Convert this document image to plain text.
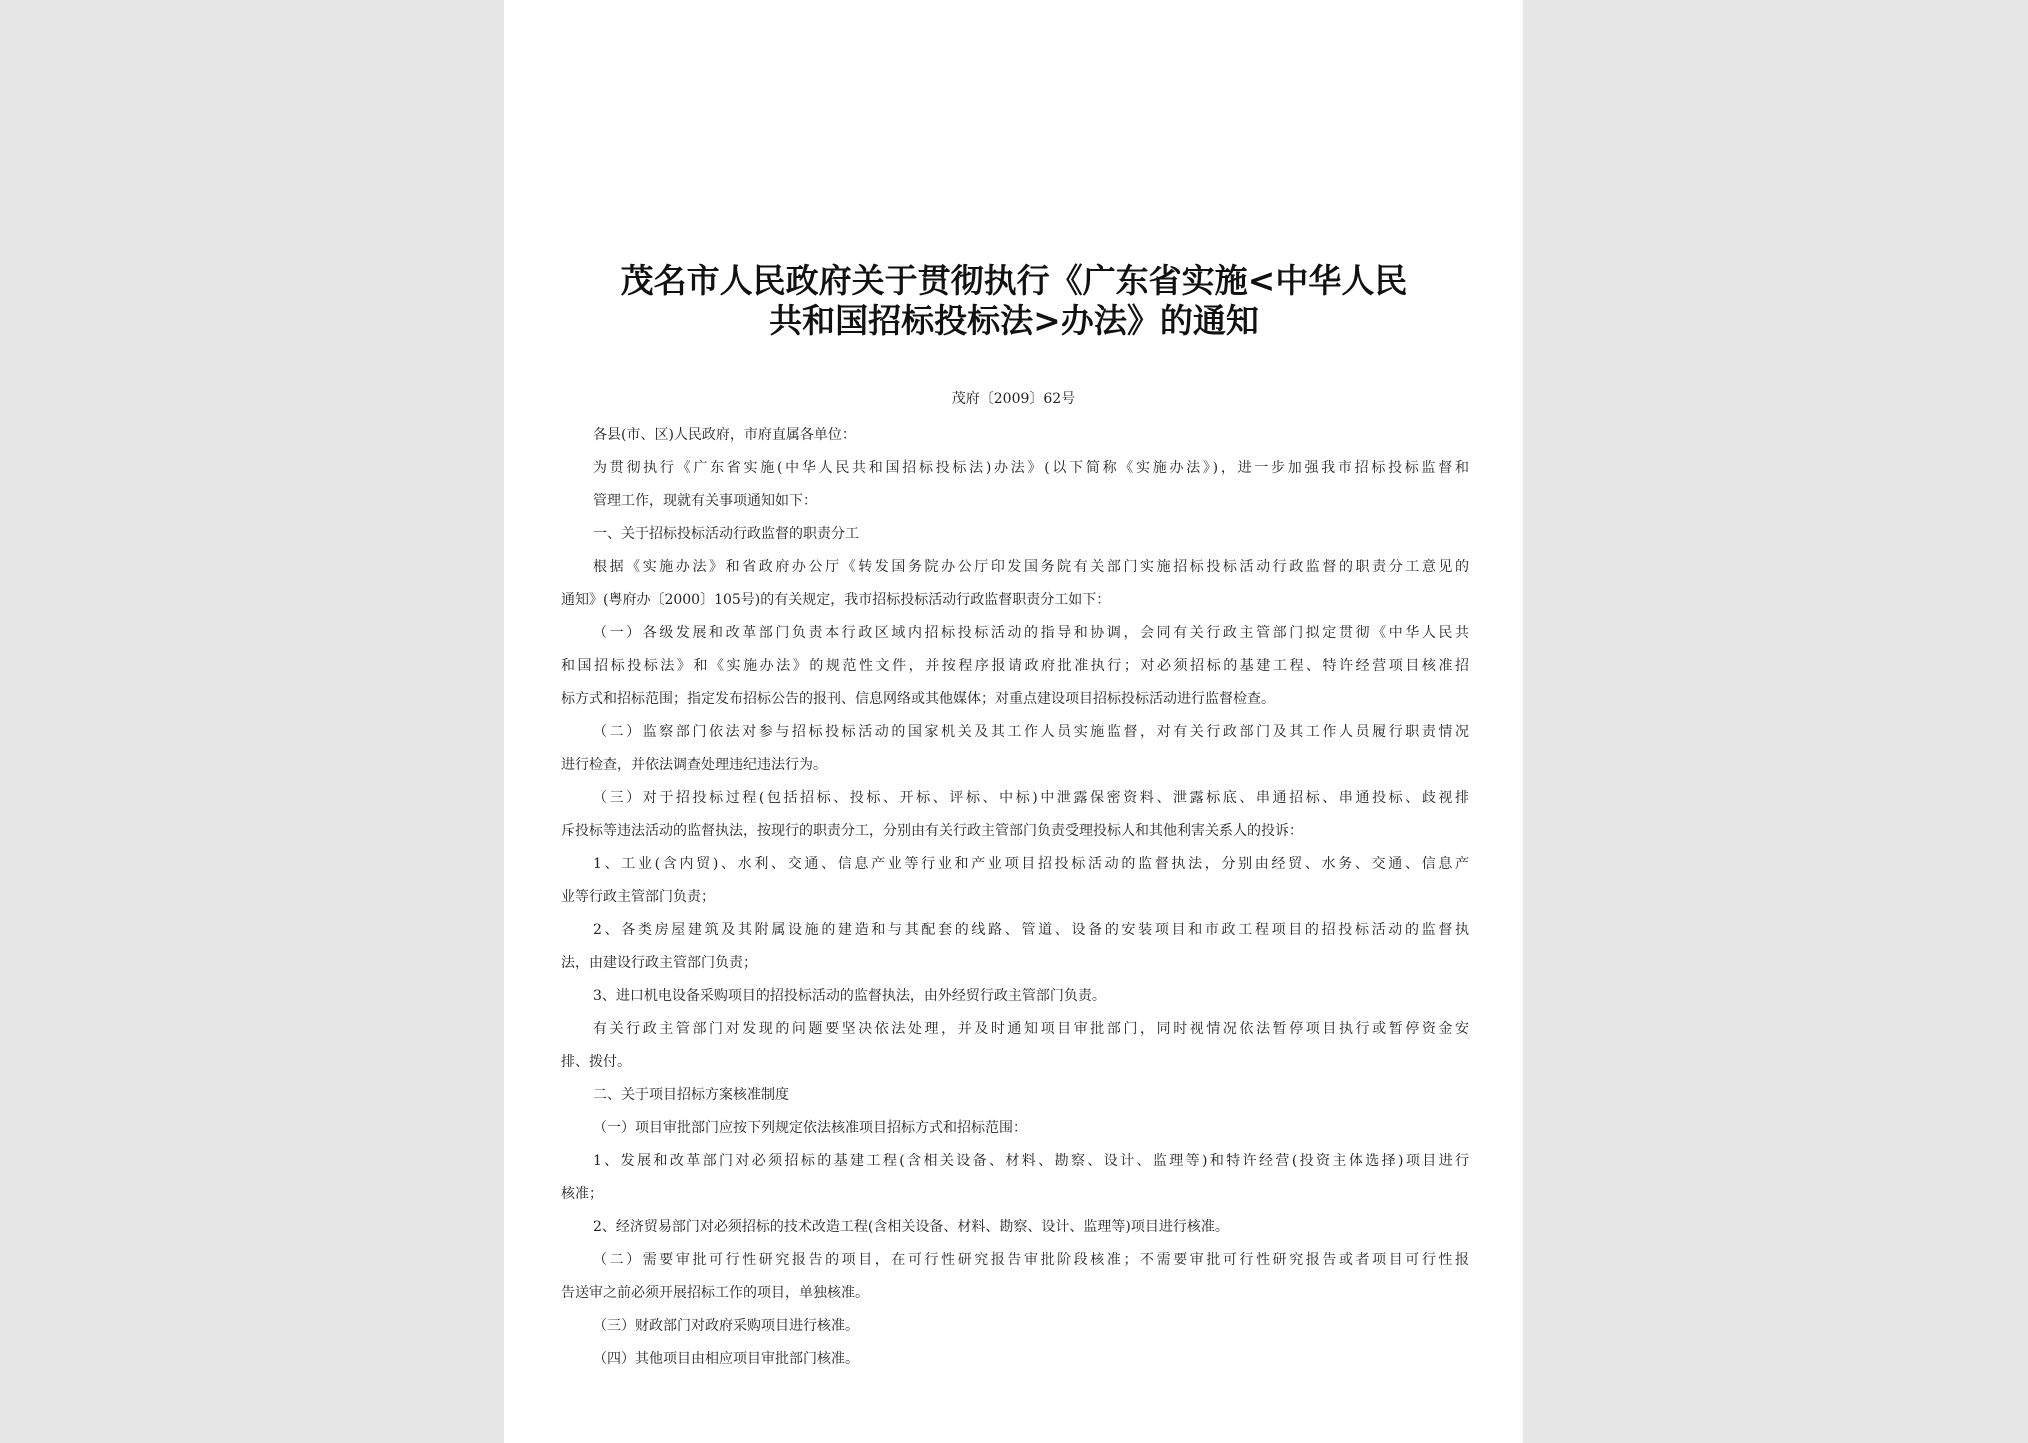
茂名市人民政府关于贯彻执行《广东省实施<中华人民
共和国招标投标法>办法》的通知
茂府〔2009〕62号
各县(市、区)人民政府，市府直属各单位：
为贯彻执行《广东省实施(中华人民共和国招标投标法)办法》(以下简称《实施办法》)，进一步加强我市招标投标监督和
管理工作，现就有关事项通知如下：
一、关于招标投标活动行政监督的职责分工
根据《实施办法》和省政府办公厅《转发国务院办公厅印发国务院有关部门实施招标投标活动行政监督的职责分工意见的
通知》(粤府办〔2000〕105号)的有关规定，我市招标投标活动行政监督职责分工如下：
（一）各级发展和改革部门负责本行政区域内招标投标活动的指导和协调，会同有关行政主管部门拟定贯彻《中华人民共
和国招标投标法》和《实施办法》的规范性文件，并按程序报请政府批准执行；对必须招标的基建工程、特许经营项目核准招
标方式和招标范围；指定发布招标公告的报刊、信息网络或其他媒体；对重点建设项目招标投标活动进行监督检查。
（二）监察部门依法对参与招标投标活动的国家机关及其工作人员实施监督，对有关行政部门及其工作人员履行职责情况
进行检查，并依法调查处理违纪违法行为。
（三）对于招投标过程(包括招标、投标、开标、评标、中标)中泄露保密资料、泄露标底、串通招标、串通投标、歧视排
斥投标等违法活动的监督执法，按现行的职责分工，分别由有关行政主管部门负责受理投标人和其他利害关系人的投诉：
1、工业(含内贸)、水利、交通、信息产业等行业和产业项目招投标活动的监督执法，分别由经贸、水务、交通、信息产
业等行政主管部门负责；
2、各类房屋建筑及其附属设施的建造和与其配套的线路、管道、设备的安装项目和市政工程项目的招投标活动的监督执
法，由建设行政主管部门负责；
3、进口机电设备采购项目的招投标活动的监督执法，由外经贸行政主管部门负责。
有关行政主管部门对发现的问题要坚决依法处理，并及时通知项目审批部门，同时视情况依法暂停项目执行或暂停资金安
排、拨付。
二、关于项目招标方案核准制度
（一）项目审批部门应按下列规定依法核准项目招标方式和招标范围：
1、发展和改革部门对必须招标的基建工程(含相关设备、材料、勘察、设计、监理等)和特许经营(投资主体选择)项目进行
核准；
2、经济贸易部门对必须招标的技术改造工程(含相关设备、材料、勘察、设计、监理等)项目进行核准。
（二）需要审批可行性研究报告的项目，在可行性研究报告审批阶段核准；不需要审批可行性研究报告或者项目可行性报
告送审之前必须开展招标工作的项目，单独核准。
（三）财政部门对政府采购项目进行核准。
（四）其他项目由相应项目审批部门核准。
